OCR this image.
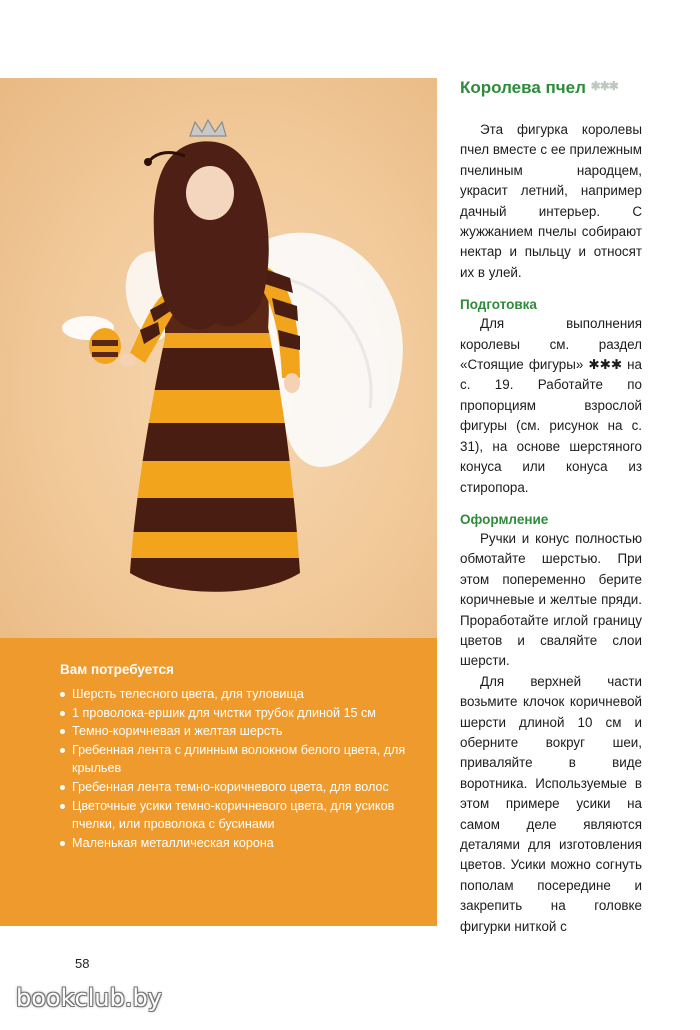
Вам потребуется
Шерсть телесного цвета, для туловища
1 проволока-ершик для чистки трубок длиной 15 см
Темно-коричневая и желтая шерсть
Гребенная лента с длинным волокном белого цвета, для крыльев
Гребенная лента темно-коричневого цвета, для волос
Цветочные усики темно-коричневого цвета, для усиков пчелки, или проволока с бусинами
Маленькая металлическая корона
Королева пчел ✱✱✱

Эта фигурка королевы пчел вместе с ее прилежным пчелиным народцем, украсит летний, например дачный интерьер. С жужжанием пчелы собирают нектар и пыльцу и относят их в улей.

Подготовка

Для выполнения королевы см. раздел «Стоящие фигуры» ✱✱✱ на с. 19. Работайте по пропорциям взрослой фигуры (см. рисунок на с. 31), на основе шерстяного конуса или конуса из стиропора.

Оформление

Ручки и конус полностью обмотайте шерстью. При этом попеременно берите коричневые и желтые пряди. Проработайте иглой границу цветов и сваляйте слои шерсти.

Для верхней части возьмите клочок коричневой шерсти длиной 10 см и оберните вокруг шеи, приваляйте в виде воротника. Используемые в этом примере усики на самом деле являются деталями для изготовления цветов. Усики можно согнуть пополам посередине и закрепить на головке фигурки ниткой с

58
bookclub.by
